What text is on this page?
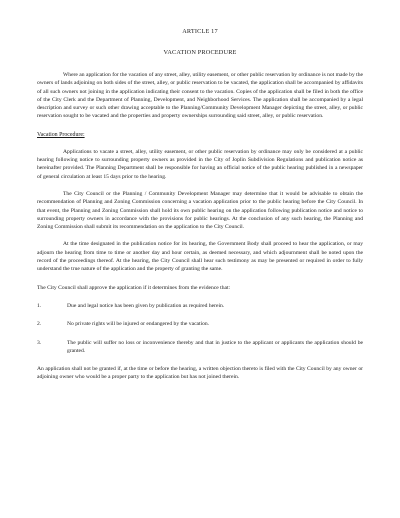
ARTICLE 17
VACATION PROCEDURE

Where an application for the vacation of any street, alley, utility easement, or other public reservation by ordinance is not made by the owners of lands adjoining on both sides of the street, alley, or public reservation to be vacated, the application shall be accompanied by affidavits of all such owners not joining in the application indicating their consent to the vacation. Copies of the application shall be filed in both the office of the City Clerk and the Department of Planning, Development, and Neighborhood Services. The application shall be accompanied by a legal description and survey or such other drawing acceptable to the Planning/Community Development Manager depicting the street, alley, or public reservation sought to be vacated and the properties and property ownerships surrounding said street, alley, or public reservation.

Vacation Procedure:

Applications to vacate a street, alley, utility easement, or other public reservation by ordinance may only be considered at a public hearing following notice to surrounding property owners as provided in the City of Joplin Subdivision Regulations and publication notice as hereinafter provided. The Planning Department shall be responsible for having an official notice of the public hearing published in a newspaper of general circulation at least 15 days prior to the hearing.

The City Council or the Planning / Community Development Manager may determine that it would be advisable to obtain the recommendation of Planning and Zoning Commission concerning a vacation application prior to the public hearing before the City Council. In that event, the Planning and Zoning Commission shall hold its own public hearing on the application following publication notice and notice to surrounding property owners in accordance with the provisions for public hearings. At the conclusion of any such hearing, the Planning and Zoning Commission shall submit its recommendation on the application to the City Council.

At the time designated in the publication notice for its hearing, the Government Body shall proceed to hear the application, or may adjourn the hearing from time to time or another day and hour certain, as deemed necessary, and which adjournment shall be noted upon the record of the proceedings thereof. At the hearing, the City Council shall hear such testimony as may be presented or required in order to fully understand the true nature of the application and the property of granting the same.

The City Council shall approve the application if it determines from the evidence that:

1.	Due and legal notice has been given by publication as required herein.
2.	No private rights will be injured or endangered by the vacation.
3.	The public will suffer no loss or inconvenience thereby and that in justice to the applicant or applicants the application should be granted.

An application shall not be granted if, at the time or before the hearing, a written objection thereto is filed with the City Council by any owner or adjoining owner who would be a proper party to the application but has not joined therein.
